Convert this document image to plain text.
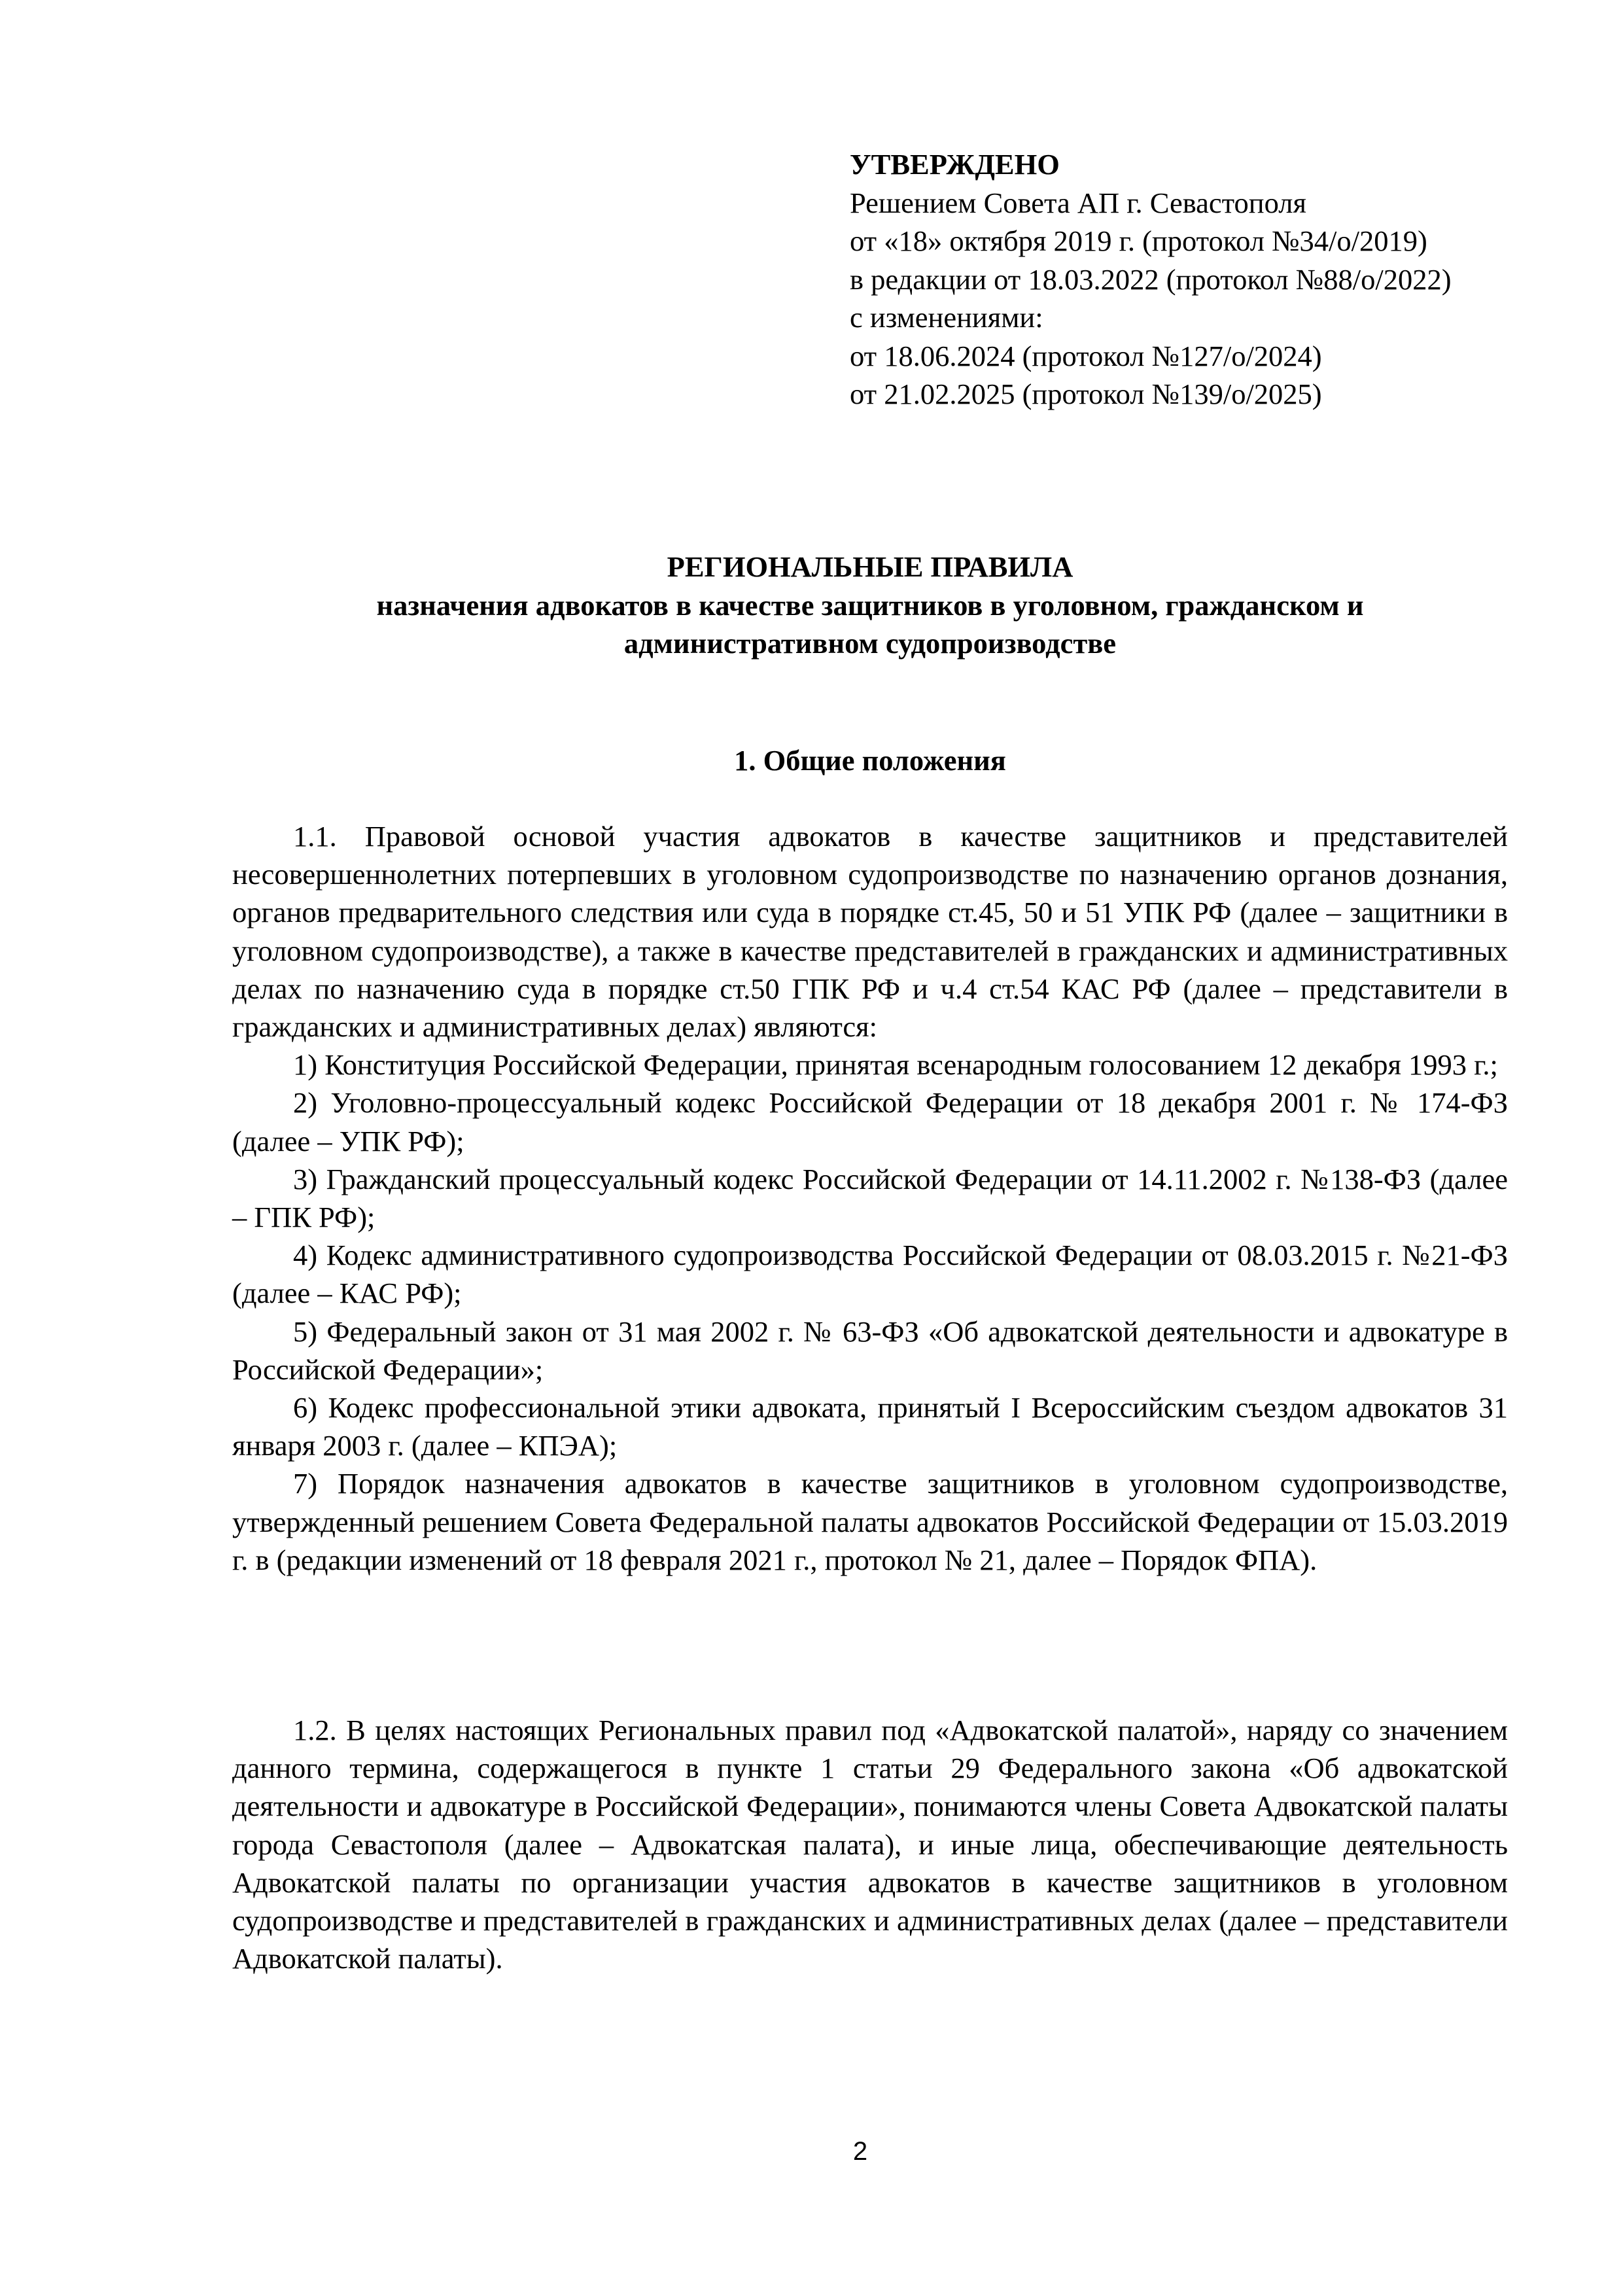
УТВЕРЖДЕНО
Решением Совета АП г. Севастополя
от «18» октября 2019 г. (протокол №34/о/2019)
в редакции от 18.03.2022 (протокол №88/о/2022)
с изменениями:
от 18.06.2024 (протокол №127/о/2024)
от 21.02.2025 (протокол №139/о/2025)
РЕГИОНАЛЬНЫЕ ПРАВИЛА
назначения адвокатов в качестве защитников в уголовном, гражданском и
административном судопроизводстве
1. Общие положения

1.1. Правовой основой участия адвокатов в качестве защитников и представителей несовершеннолетних потерпевших в уголовном судопроизводстве по назначению органов дознания, органов предварительного следствия или суда в порядке ст.45, 50 и 51 УПК РФ (далее – защитники в уголовном судопроизводстве), а также в качестве представителей в гражданских и административных делах по назначению суда в порядке ст.50 ГПК РФ и ч.4 ст.54 КАС РФ (далее – представители в гражданских и административных делах) являются:

1) Конституция Российской Федерации, принятая всенародным голосованием 12 декабря 1993 г.;

2) Уголовно-процессуальный кодекс Российской Федерации от 18 декабря 2001 г. № 174-ФЗ (далее – УПК РФ);

3) Гражданский процессуальный кодекс Российской Федерации от 14.11.2002 г. №138-ФЗ (далее – ГПК РФ);

4) Кодекс административного судопроизводства Российской Федерации от 08.03.2015 г. №21-ФЗ (далее – КАС РФ);

5) Федеральный закон от 31 мая 2002 г. № 63-ФЗ «Об адвокатской деятельности и адвокатуре в Российской Федерации»;

6) Кодекс профессиональной этики адвоката, принятый I Всероссийским съездом адвокатов 31 января 2003 г. (далее – КПЭА);

7) Порядок назначения адвокатов в качестве защитников в уголовном судопроизводстве, утвержденный решением Совета Федеральной палаты адвокатов Российской Федерации от 15.03.2019 г. в (редакции изменений от 18 февраля 2021 г., протокол № 21, далее – Порядок ФПА).

1.2. В целях настоящих Региональных правил под «Адвокатской палатой», наряду со значением данного термина, содержащегося в пункте 1 статьи 29 Федерального закона «Об адвокатской деятельности и адвокатуре в Российской Федерации», понимаются члены Совета Адвокатской палаты города Севастополя (далее – Адвокатская палата), и иные лица, обеспечивающие деятельность Адвокатской палаты по организации участия адвокатов в качестве защитников в уголовном судопроизводстве и представителей в гражданских и административных делах (далее – представители Адвокатской палаты).

2
